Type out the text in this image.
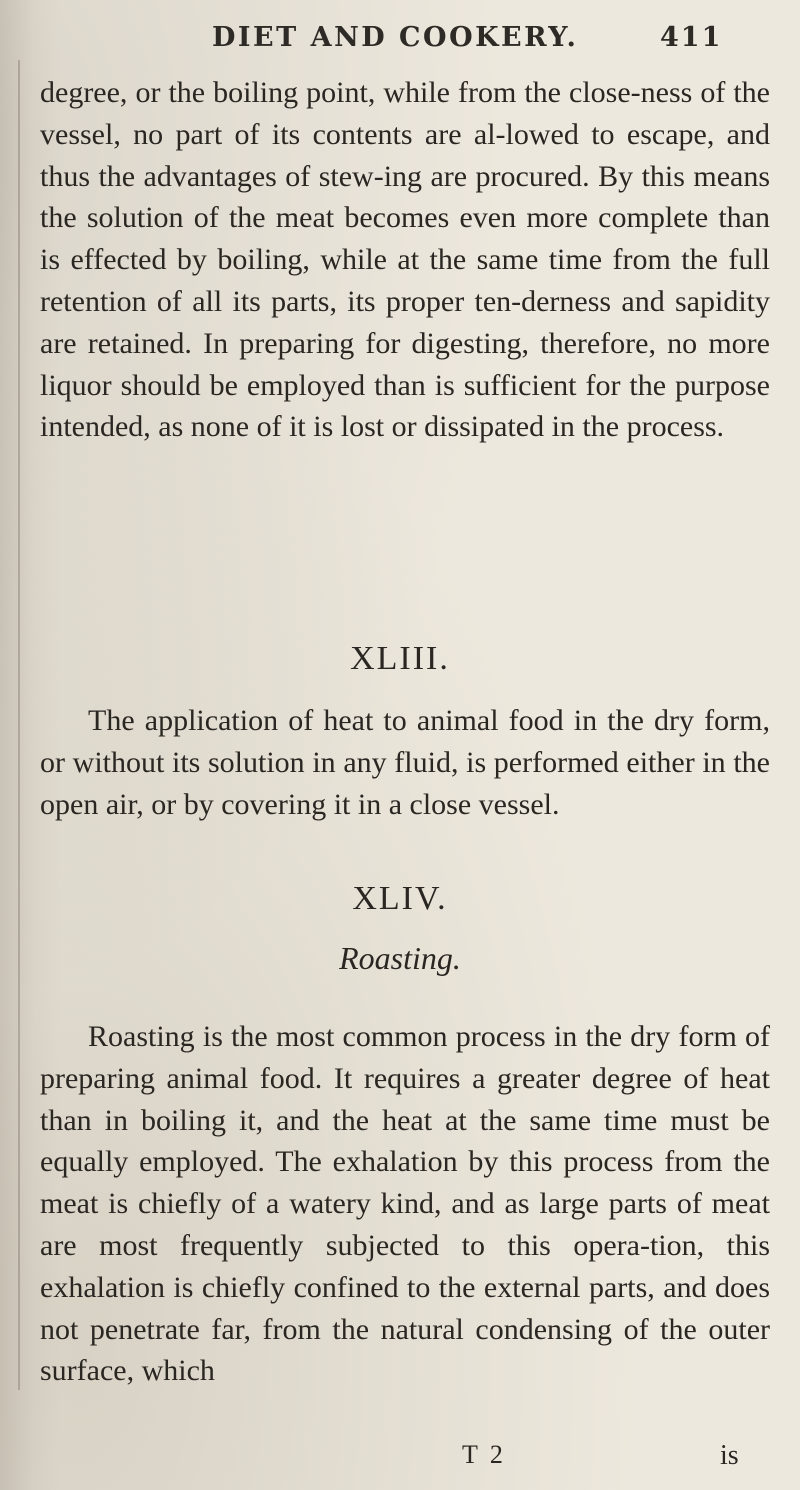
DIET AND COOKERY.	411
degree, or the boiling point, while from the close-ness of the vessel, no part of its contents are al-lowed to escape, and thus the advantages of stew-ing are procured. By this means the solution of the meat becomes even more complete than is effected by boiling, while at the same time from the full retention of all its parts, its proper ten-derness and sapidity are retained. In preparing for digesting, therefore, no more liquor should be employed than is sufficient for the purpose intended, as none of it is lost or dissipated in the process.
XLIII.
The application of heat to animal food in the dry form, or without its solution in any fluid, is performed either in the open air, or by covering it in a close vessel.
XLIV.
Roasting.
Roasting is the most common process in the dry form of preparing animal food. It requires a greater degree of heat than in boiling it, and the heat at the same time must be equally employed. The exhalation by this process from the meat is chiefly of a watery kind, and as large parts of meat are most frequently subjected to this opera-tion, this exhalation is chiefly confined to the external parts, and does not penetrate far, from the natural condensing of the outer surface, which
T 2	is
